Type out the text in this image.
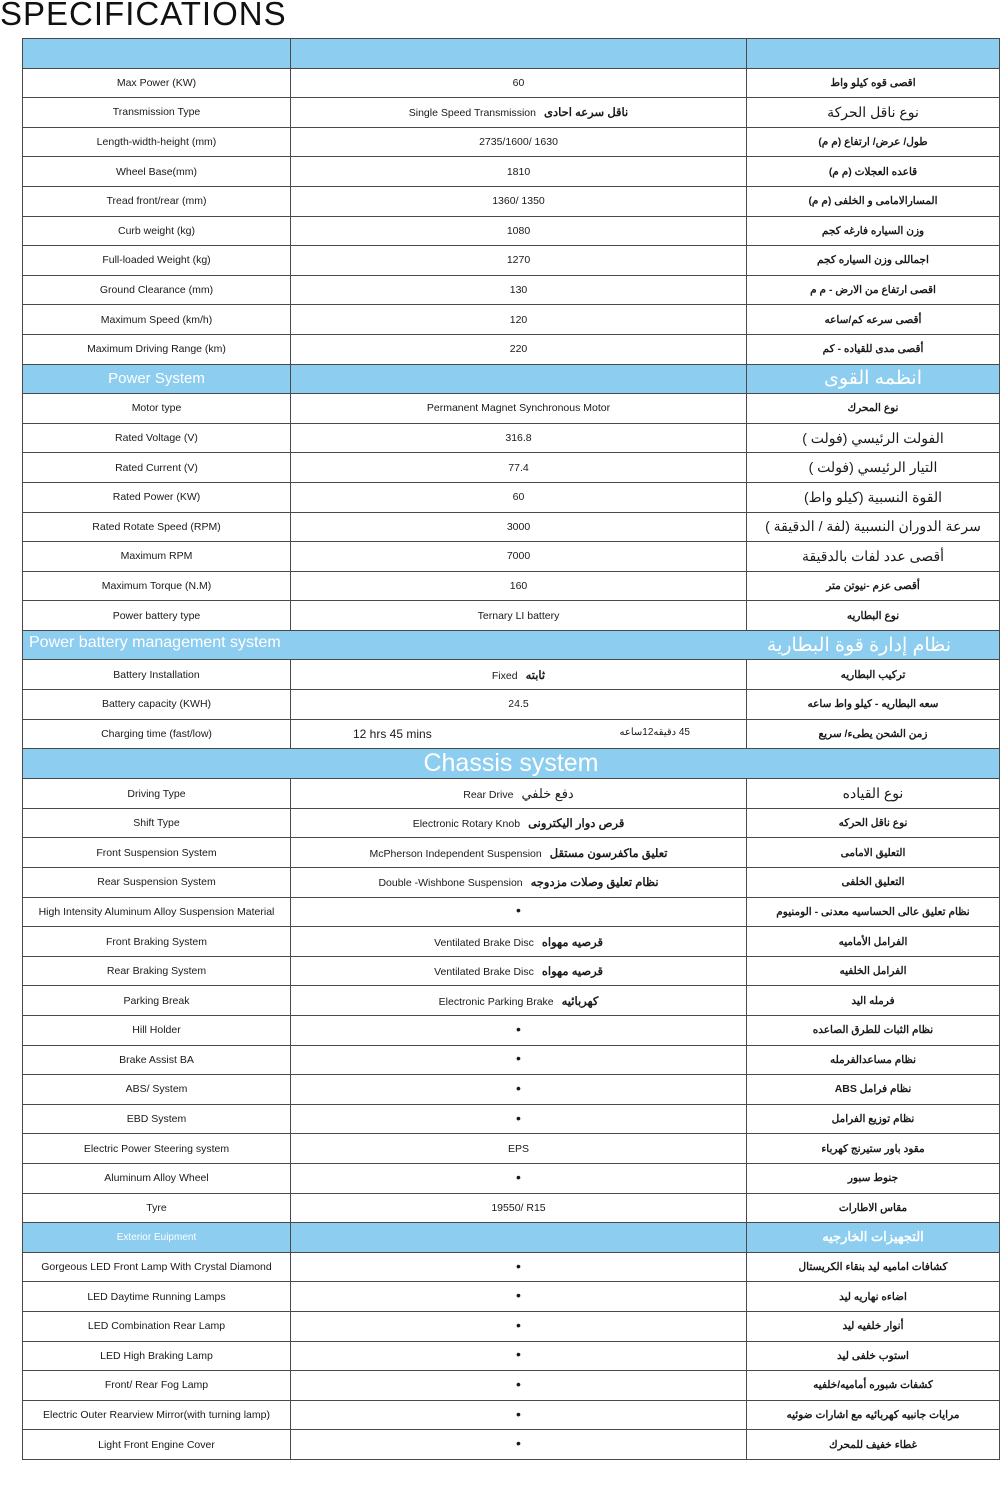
SPECIFICATIONS

Max Power (KW)	60	اقصى قوه كيلو واط
Transmission Type	Single Speed Transmission ناقل سرعه احادى	نوع ناقل الحركة
Length-width-height (mm)	2735/1600/ 1630	طول/ عرض/ ارتفاع (م م)
Wheel Base(mm)	1810	قاعده العجلات (م م)
Tread front/rear (mm)	1360/ 1350	المسارالامامى و الخلفى (م م)
Curb weight (kg)	1080	وزن السياره فارغه كجم
Full-loaded Weight (kg)	1270	اجماللى وزن السياره كجم
Ground Clearance (mm)	130	اقصى ارتفاع من الارض - م م
Maximum Speed (km/h)	120	أقصى سرعه كم/ساعه
Maximum Driving Range (km)	220	أقصى مدى للقياده - كم
Power System		انظمه القوى
Motor type	Permanent Magnet Synchronous Motor	نوع المحرك
Rated Voltage (V)	316.8	الفولت الرئيسي (فولت )
Rated Current (V)	77.4	التيار الرئيسي (فولت )
Rated Power (KW)	60	القوة النسبية (كيلو واط)
Rated Rotate Speed (RPM)	3000	سرعة الدوران النسبية (لفة / الدقيقة )
Maximum RPM	7000	أقصى عدد لفات بالدقيقة
Maximum Torque (N.M)	160	أقصى عزم -نيوتن متر
Power battery type	Ternary LI battery	نوع البطاريه

Power battery management system نظام إدارة قوة البطارية		

Battery Installation	Fixed ثابته	تركيب البطاريه
Battery capacity (KWH)	24.5	سعه البطاريه - كيلو واط ساعه
Charging time (fast/low)	12 hrs 45 mins 45 دقيقه12ساعه	زمن الشحن يطىء/ سريع
Chassis system		
Driving Type	Rear Drive دفع خلفي	نوع القياده
Shift Type	Electronic Rotary Knob قرص دوار اليكترونى	نوع ناقل الحركه
Front Suspension System	McPherson Independent Suspension تعليق ماكفرسون مستقل	التعليق الامامى
Rear Suspension System	Double -Wishbone Suspension نظام تعليق وصلات مزدوجه	التعليق الخلفى
High Intensity Aluminum Alloy Suspension Material	•	نظام تعليق عالى الحساسيه معدنى - الومنيوم
Front Braking System	Ventilated Brake Disc قرصيه مهواه	الفرامل الأماميه
Rear Braking System	Ventilated Brake Disc قرصيه مهواه	الفرامل الخلفيه
Parking Break	Electronic Parking Brake كهربائيه	فرمله اليد
Hill Holder	•	نظام الثبات للطرق الصاعده
Brake Assist BA	•	نظام مساعدالفرمله
ABS/ System	•	نظام فرامل ABS
EBD System	•	نظام توزيع الفرامل
Electric Power Steering system	EPS	مقود باور ستيرنج كهرباء
Aluminum Alloy Wheel	•	جنوط سبور
Tyre	19550/ R15	مقاس الاطارات
Exterior Euipment		التجهيزات الخارجيه
Gorgeous LED Front Lamp With Crystal Diamond	•	كشافات اماميه ليد بنقاء الكريستال
LED Daytime Running Lamps	•	اضاءه نهاريه ليد
LED Combination Rear Lamp	•	أنوار خلفيه ليد
LED High Braking Lamp	•	استوب خلفى ليد
Front/ Rear Fog Lamp	•	كشفات شبوره أماميه/خلفيه
Electric Outer Rearview Mirror(with turning lamp)	•	مرايات جانبيه كهربائيه مع اشارات ضوئيه
Light Front Engine Cover	•	غطاء خفيف للمحرك
